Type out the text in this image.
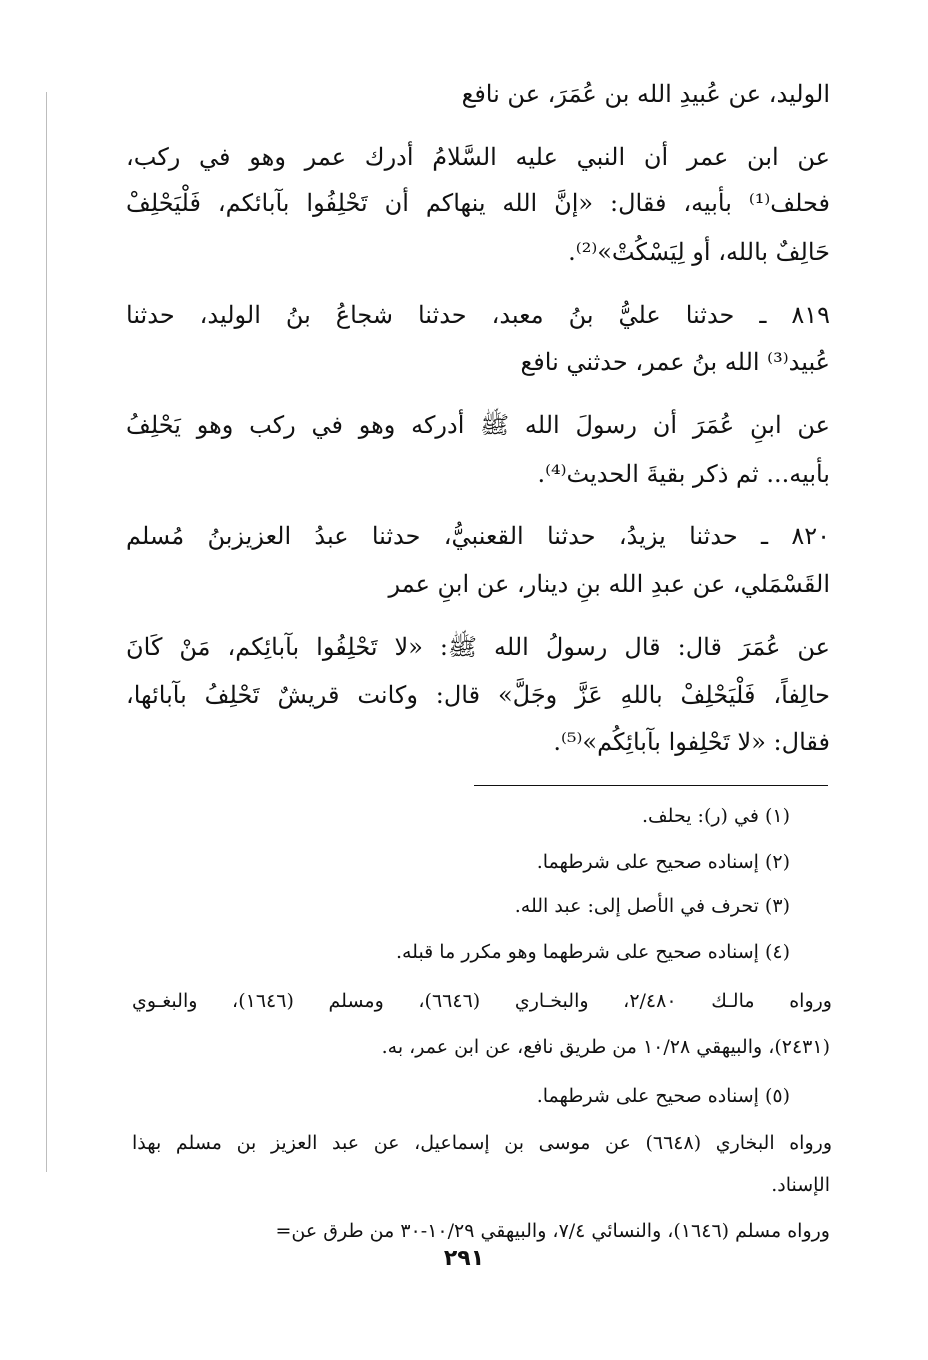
الوليد، عن عُبيدِ الله بن عُمَرَ، عن نافع
عن ابن عمر أن النبي عليه السَّلامُ أدرك عمر وهو في ركب،
فحلف⁽¹⁾ بأبيه، فقال: «إنَّ الله ينهاكم أن تَحْلِفُوا بآبائكم، فَلْيَحْلِفْ
حَالِفٌ بالله، أو لِيَسْكُتْ»⁽²⁾.
٨١٩ ـ حدثنا عليُّ بنُ معبد، حدثنا شجاعُ بنُ الوليد، حدثنا
عُبيد⁽³⁾ الله بنُ عمر، حدثني نافع
عن ابنِ عُمَرَ أن رسولَ الله ﷺ أدركه وهو في ركب وهو يَحْلِفُ
بأبيه... ثم ذكر بقيةَ الحديث⁽⁴⁾.
٨٢٠ ـ حدثنا يزيدُ، حدثنا القعنبيُّ، حدثنا عبدُ العزيزبنُ مُسلم
القَسْمَلي، عن عبدِ الله بنِ دينار، عن ابنِ عمر
عن عُمَرَ قال: قال رسولُ الله ﷺ: «لا تَحْلِفُوا بآبائِكم، مَنْ كَانَ
حالِفاً، فَلْيَحْلِفْ باللهِ عَزَّ وجَلَّ» قال: وكانت قريشٌ تَحْلِفُ بآبائها،
فقال: «لا تَحْلِفوا بآبائِكُم»⁽⁵⁾.
(١) في (ر): يحلف.
(٢) إسناده صحيح على شرطهما.
(٣) تحرف في الأصل إلى: عبد الله.
(٤) إسناده صحيح على شرطهما وهو مكرر ما قبله.
ورواه مالـك ٢/٤٨٠، والبخـاري (٦٦٤٦)، ومسلم (١٦٤٦)، والبغـوي
(٢٤٣١)، والبيهقي ١٠/٢٨ من طريق نافع، عن ابن عمر، به.
(٥) إسناده صحيح على شرطهما.
ورواه البخاري (٦٦٤٨) عن موسى بن إسماعيل، عن عبد العزيز بن مسلم بهذا
الإسناد.
ورواه مسلم (١٦٤٦)، والنسائي ٧/٤، والبيهقي ١٠/٢٩-٣٠ من طرق عن=
٢٩١
